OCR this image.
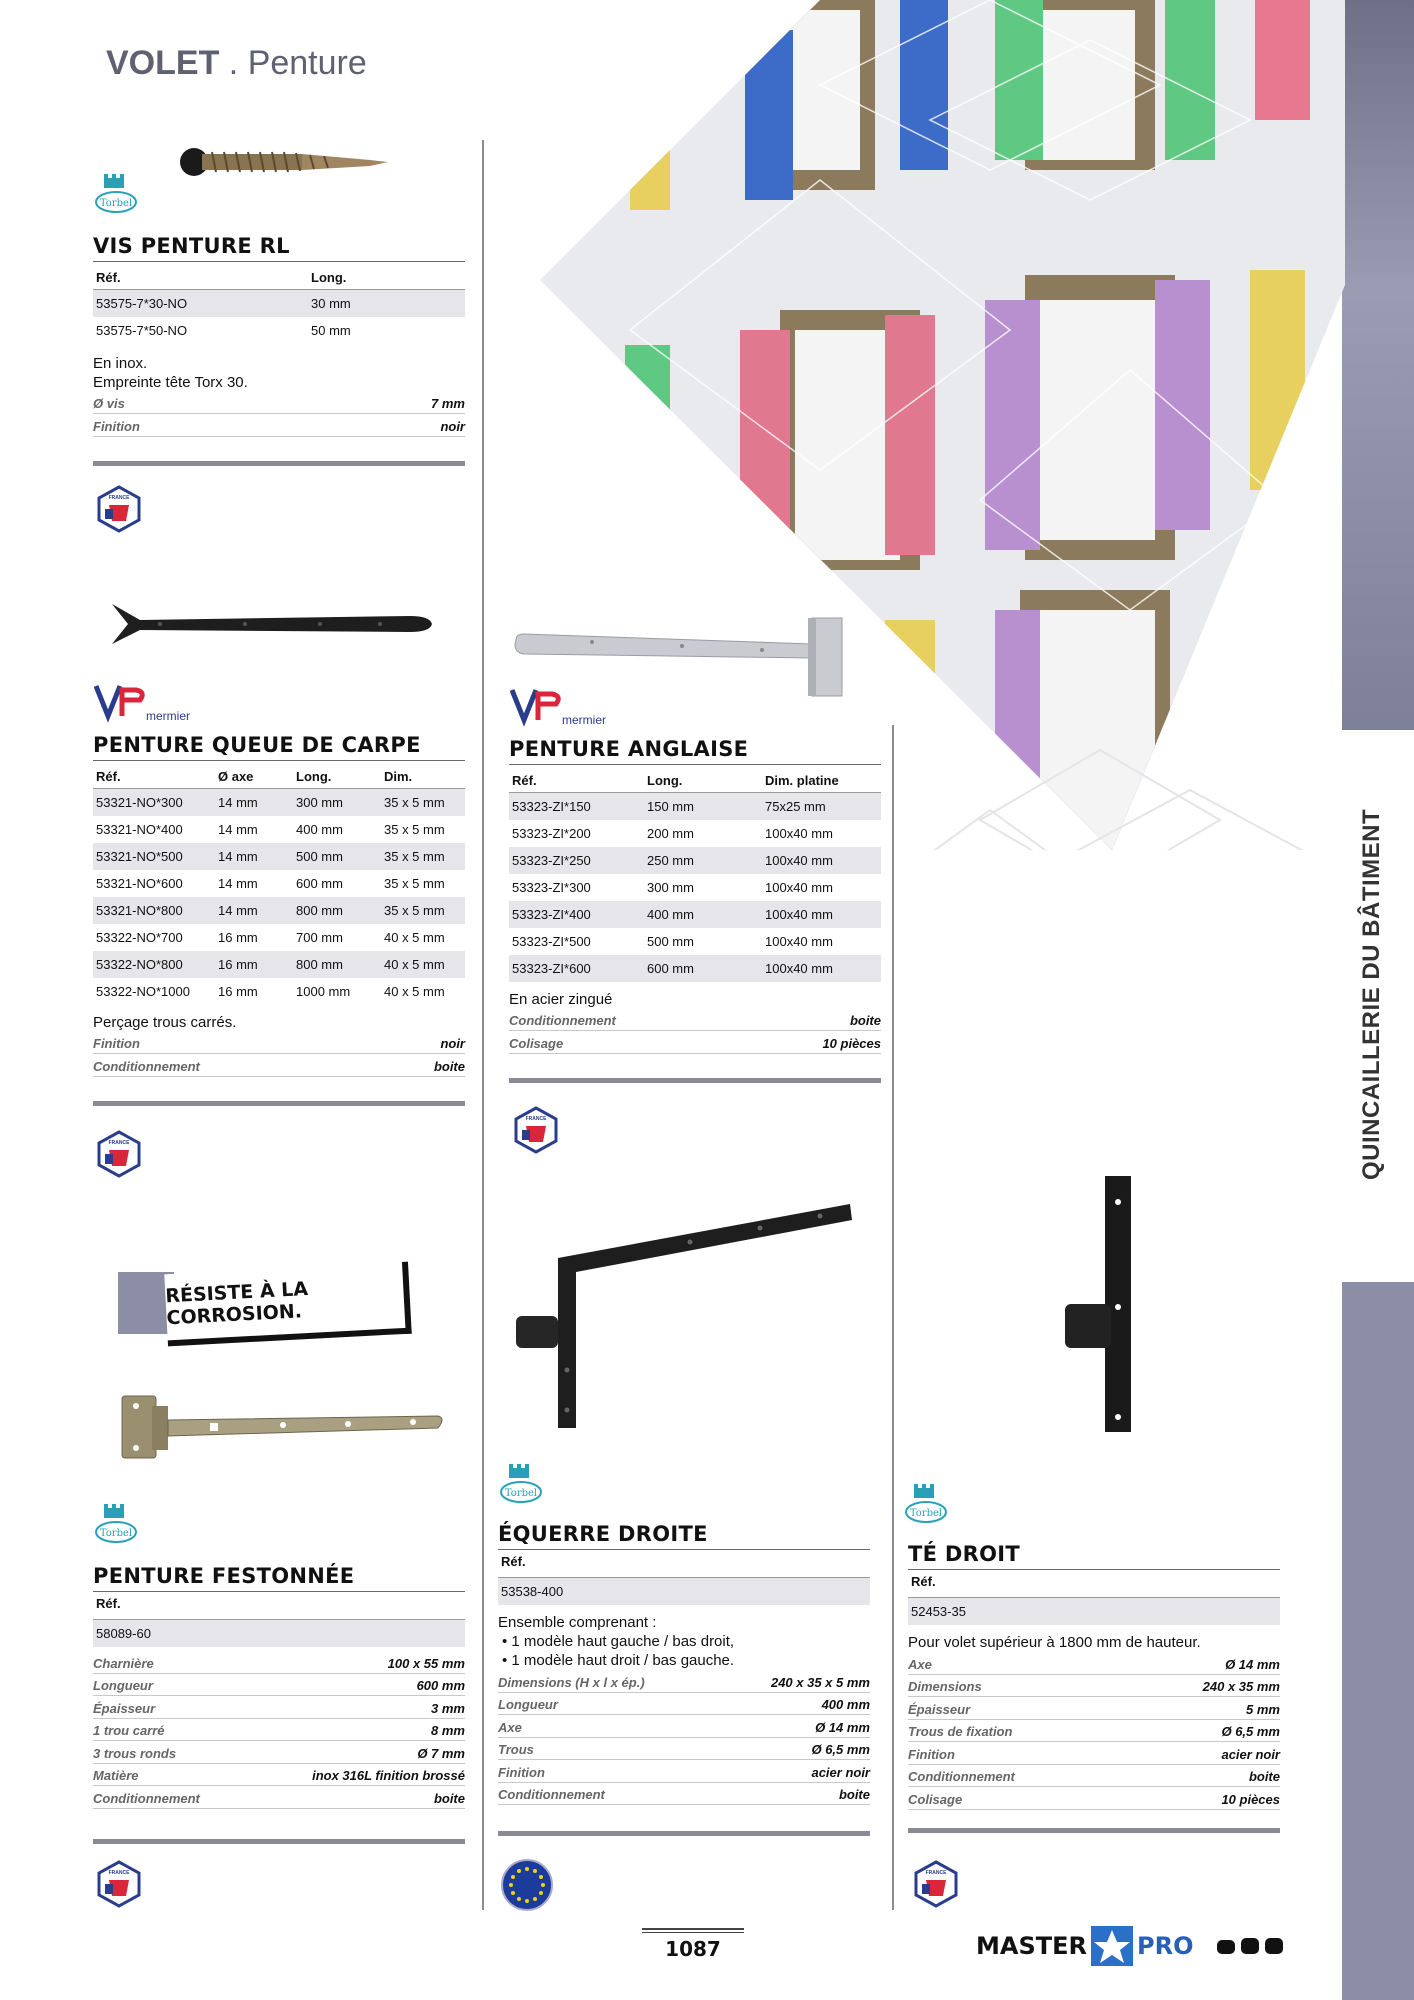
QUINCAILLERIE DU BÂTIMENT
VOLET . Penture
Torbel
VIS PENTURE RL
Réf.	Long.
53575-7*30-NO	30 mm
53575-7*50-NO	50 mm
En inox.
Empreinte tête Torx 30.
Ø vis	7 mm
Finition	noir
FRANCE
mermier
PENTURE QUEUE DE CARPE
Réf.	Ø axe	Long.	Dim.
53321-NO*300	14 mm	300 mm	35 x 5 mm
53321-NO*400	14 mm	400 mm	35 x 5 mm
53321-NO*500	14 mm	500 mm	35 x 5 mm
53321-NO*600	14 mm	600 mm	35 x 5 mm
53321-NO*800	14 mm	800 mm	35 x 5 mm
53322-NO*700	16 mm	700 mm	40 x 5 mm
53322-NO*800	16 mm	800 mm	40 x 5 mm
53322-NO*1000	16 mm	1000 mm	40 x 5 mm
Perçage trous carrés.
Finition	noir
Conditionnement	boite
mermier
PENTURE ANGLAISE
Réf.	Long.	Dim. platine
53323-ZI*150	150 mm	75x25 mm
53323-ZI*200	200 mm	100x40 mm
53323-ZI*250	250 mm	100x40 mm
53323-ZI*300	300 mm	100x40 mm
53323-ZI*400	400 mm	100x40 mm
53323-ZI*500	500 mm	100x40 mm
53323-ZI*600	600 mm	100x40 mm
En acier zingué
Conditionnement	boite
Colisage	10 pièces
FRANCE
FRANCE
RÉSISTE À LA CORROSION.
Torbel
PENTURE FESTONNÉE
Réf.
58089-60
Charnière	100 x 55 mm
Longueur	600 mm
Épaisseur	3 mm
1 trou carré	8 mm
3 trous ronds	Ø 7 mm
Matière	inox 316L finition brossé
Conditionnement	boite
FRANCE
Torbel
ÉQUERRE DROITE
Réf.
53538-400
Ensemble comprenant :
• 1 modèle haut gauche / bas droit,
• 1 modèle haut droit / bas gauche.
Dimensions (H x l x ép.)	240 x 35 x 5 mm
Longueur	400 mm
Axe	Ø 14 mm
Trous	Ø 6,5 mm
Finition	acier noir
Conditionnement	boite
Torbel
TÉ DROIT
Réf.
52453-35
Pour volet supérieur à 1800 mm de hauteur.
Axe	Ø 14 mm
Dimensions	240 x 35 mm
Épaisseur	5 mm
Trous de fixation	Ø 6,5 mm
Finition	acier noir
Conditionnement	boite
Colisage	10 pièces
FRANCE
1087	MASTER PRO
